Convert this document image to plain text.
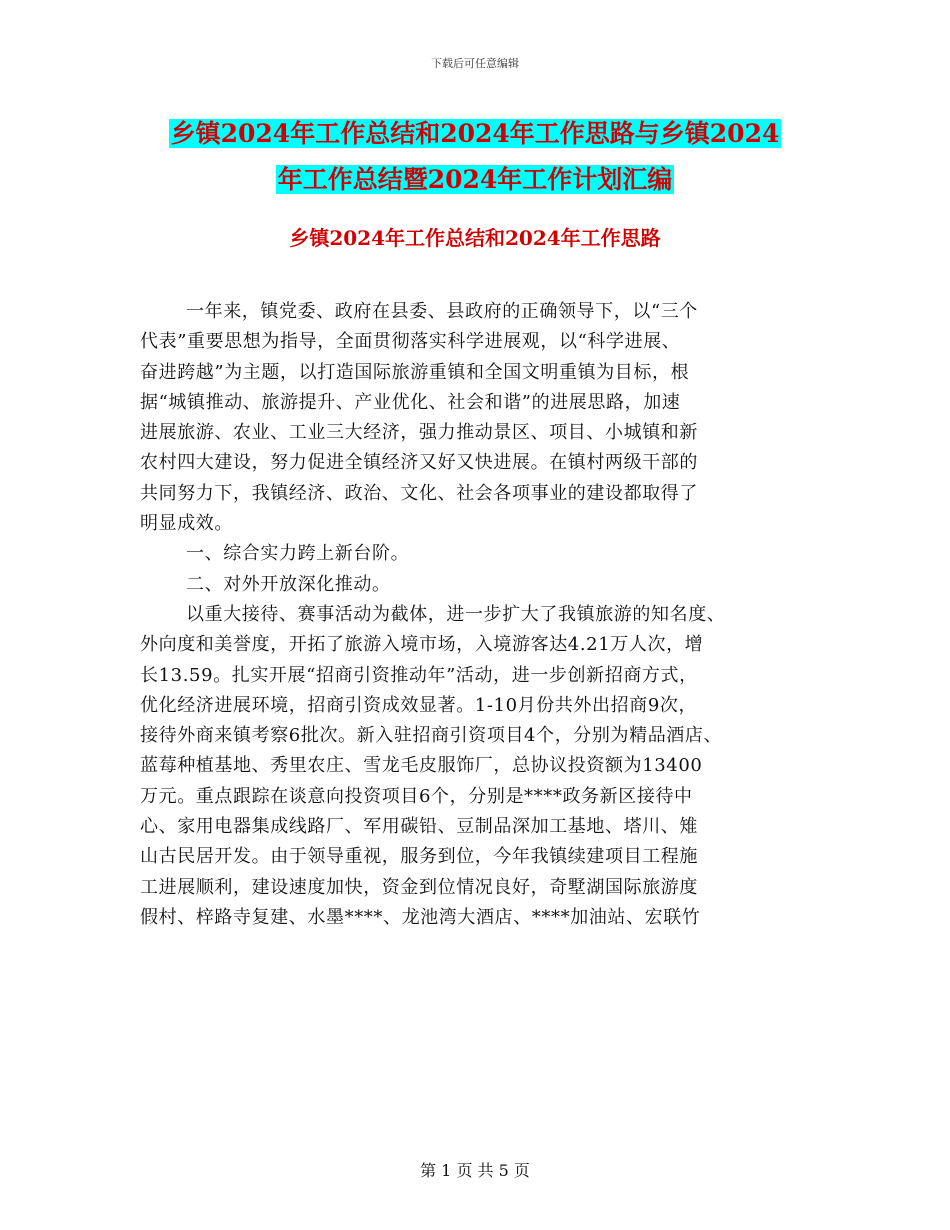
下载后可任意编辑
乡镇2024年工作总结和2024年工作思路与乡镇2024
年工作总结暨2024年工作计划汇编
乡镇2024年工作总结和2024年工作思路
一年来，镇党委、政府在县委、县政府的正确领导下，以“三个
代表”重要思想为指导，全面贯彻落实科学进展观，以“科学进展、
奋进跨越”为主题，以打造国际旅游重镇和全国文明重镇为目标，根
据“城镇推动、旅游提升、产业优化、社会和谐”的进展思路，加速
进展旅游、农业、工业三大经济，强力推动景区、项目、小城镇和新
农村四大建设，努力促进全镇经济又好又快进展。在镇村两级干部的
共同努力下，我镇经济、政治、文化、社会各项事业的建设都取得了
明显成效。
一、综合实力跨上新台阶。
二、对外开放深化推动。
以重大接待、赛事活动为截体，进一步扩大了我镇旅游的知名度、
外向度和美誉度，开拓了旅游入境市场，入境游客达4.21万人次，增
长13.59。扎实开展“招商引资推动年”活动，进一步创新招商方式，
优化经济进展环境，招商引资成效显著。1-10月份共外出招商9次，
接待外商来镇考察6批次。新入驻招商引资项目4个，分别为精品酒店、
蓝莓种植基地、秀里农庄、雪龙毛皮服饰厂，总协议投资额为13400
万元。重点跟踪在谈意向投资项目6个，分别是****政务新区接待中
心、家用电器集成线路厂、军用碳铅、豆制品深加工基地、塔川、雉
山古民居开发。由于领导重视，服务到位，今年我镇续建项目工程施
工进展顺利，建设速度加快，资金到位情况良好，奇墅湖国际旅游度
假村、梓路寺复建、水墨****、龙池湾大酒店、****加油站、宏联竹
第 1 页 共 5 页
